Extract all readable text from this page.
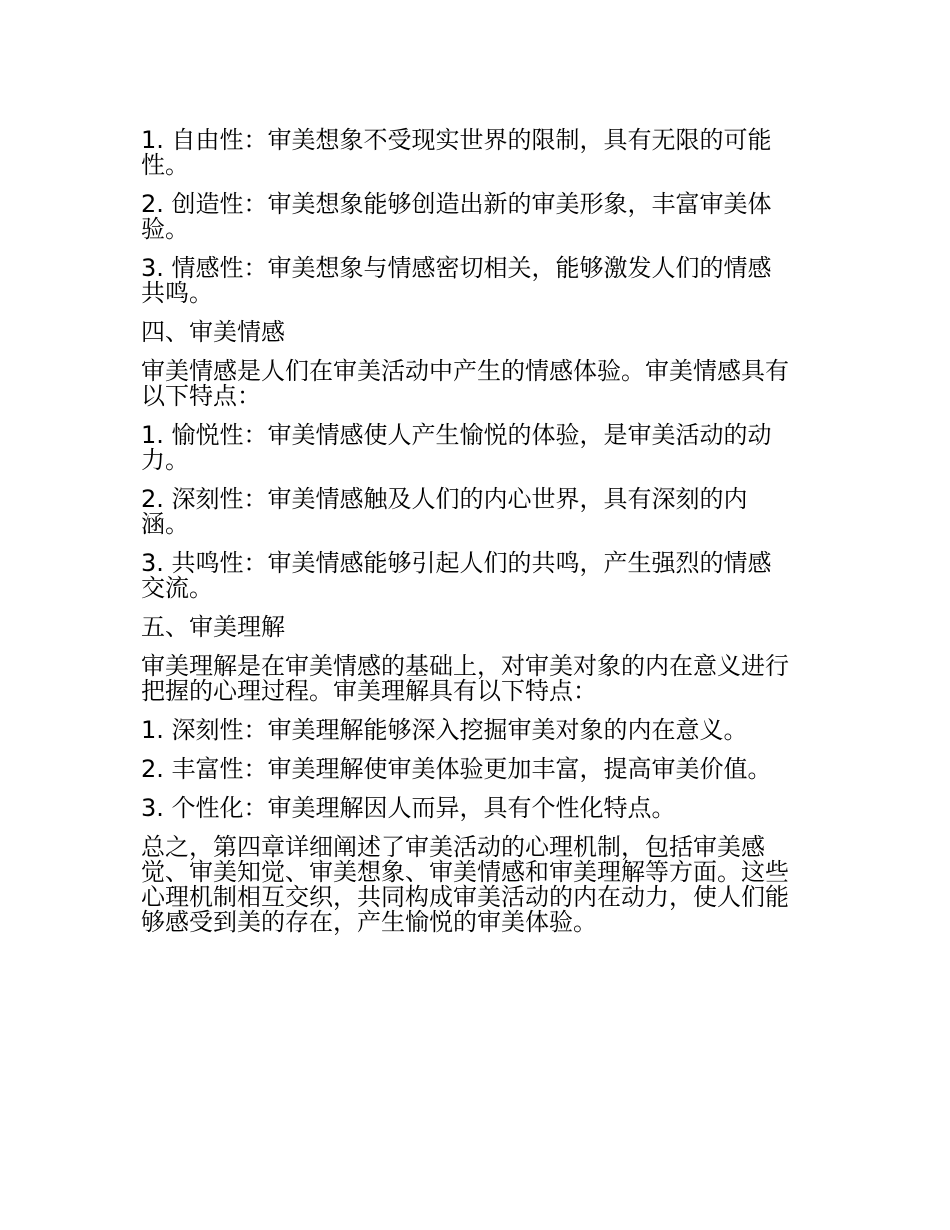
1. 自由性：审美想象不受现实世界的限制，具有无限的可能
性。

2. 创造性：审美想象能够创造出新的审美形象，丰富审美体
验。

3. 情感性：审美想象与情感密切相关，能够激发人们的情感
共鸣。

四、审美情感

审美情感是人们在审美活动中产生的情感体验。审美情感具有
以下特点：

1. 愉悦性：审美情感使人产生愉悦的体验，是审美活动的动
力。

2. 深刻性：审美情感触及人们的内心世界，具有深刻的内
涵。

3. 共鸣性：审美情感能够引起人们的共鸣，产生强烈的情感
交流。

五、审美理解

审美理解是在审美情感的基础上，对审美对象的内在意义进行
把握的心理过程。审美理解具有以下特点：

1. 深刻性：审美理解能够深入挖掘审美对象的内在意义。

2. 丰富性：审美理解使审美体验更加丰富，提高审美价值。

3. 个性化：审美理解因人而异，具有个性化特点。

总之，第四章详细阐述了审美活动的心理机制，包括审美感
觉、审美知觉、审美想象、审美情感和审美理解等方面。这些
心理机制相互交织，共同构成审美活动的内在动力，使人们能
够感受到美的存在，产生愉悦的审美体验。
